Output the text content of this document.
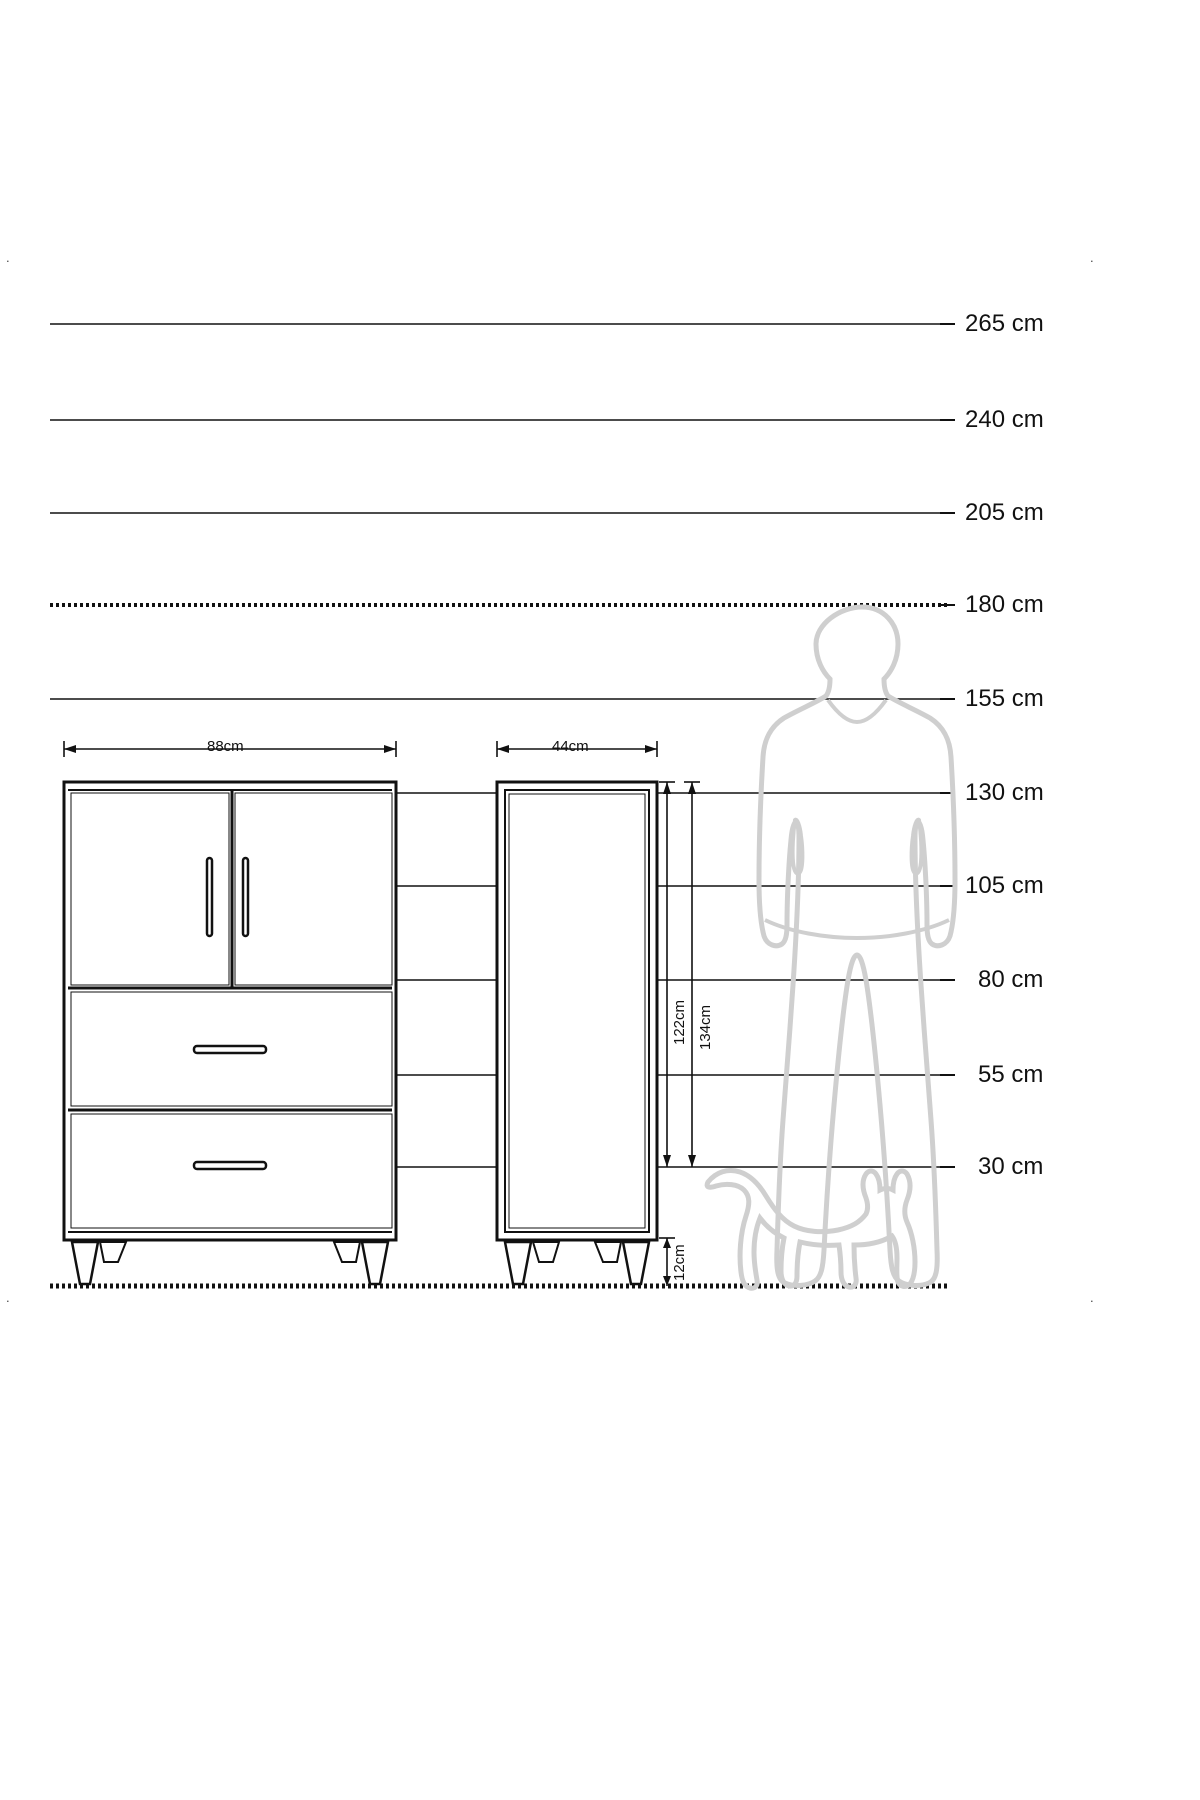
.	.
.	.
265 cm
240 cm
205 cm
180 cm
155 cm
130 cm
105 cm
80 cm
55 cm
30 cm
88cm	44cm
122cm 134cm
12cm
